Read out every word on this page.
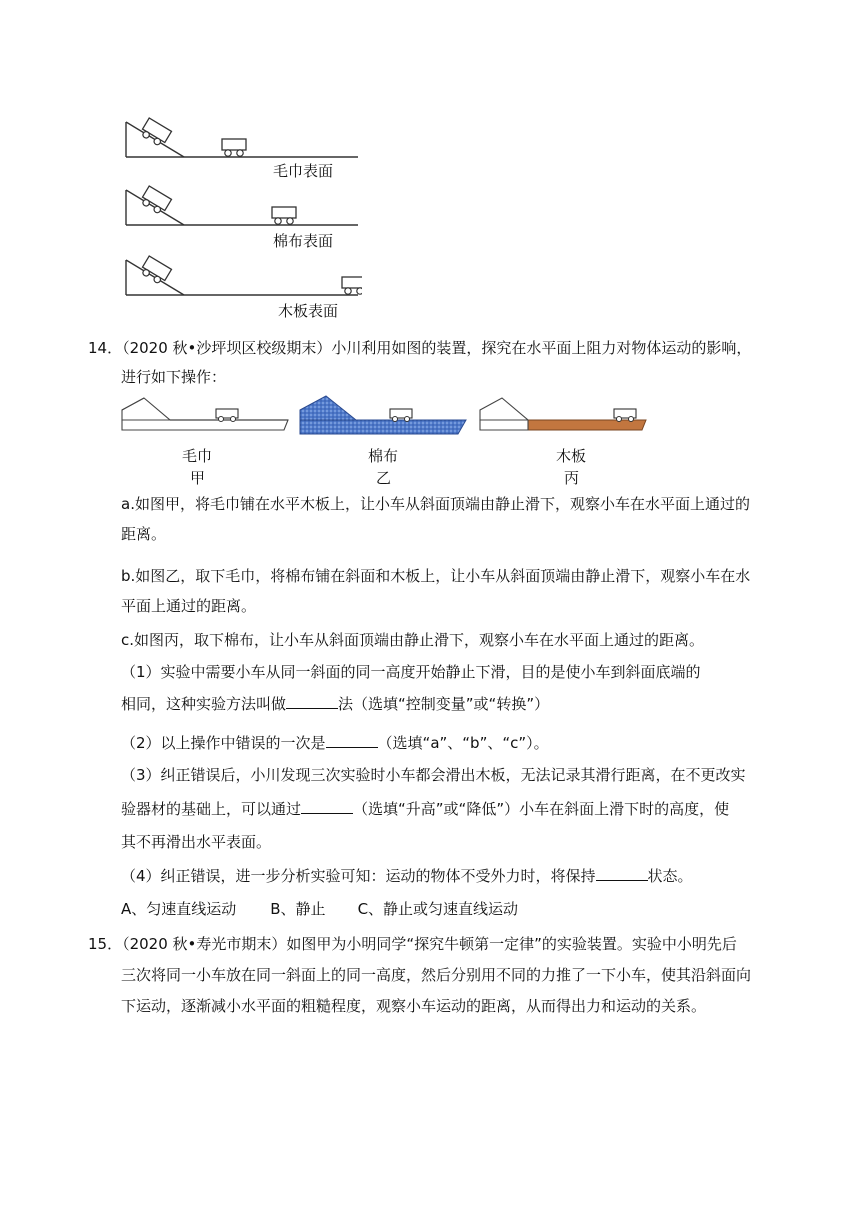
毛巾表面
棉布表面
木板表面
14．（2020 秋•沙坪坝区校级期末）小川利用如图的装置，探究在水平面上阻力对物体运动的影响，
进行如下操作：
毛巾
甲
棉布
乙
木板
丙
a.如图甲，将毛巾铺在水平木板上，让小车从斜面顶端由静止滑下，观察小车在水平面上通过的
距离。
b.如图乙，取下毛巾，将棉布铺在斜面和木板上，让小车从斜面顶端由静止滑下，观察小车在水
平面上通过的距离。
c.如图丙，取下棉布，让小车从斜面顶端由静止滑下，观察小车在水平面上通过的距离。
（1）实验中需要小车从同一斜面的同一高度开始静止下滑，目的是使小车到斜面底端的
相同，这种实验方法叫做	法（选填“控制变量”或“转换”）
（2）以上操作中错误的一次是	（选填“a”、“b”、“c”）。
（3）纠正错误后，小川发现三次实验时小车都会滑出木板，无法记录其滑行距离，在不更改实
验器材的基础上，可以通过	（选填“升高”或“降低”）小车在斜面上滑下时的高度，使
其不再滑出水平表面。
（4）纠正错误，进一步分析实验可知：运动的物体不受外力时，将保持	状态。
A、匀速直线运动 B、静止 C、静止或匀速直线运动
15．（2020 秋•寿光市期末）如图甲为小明同学“探究牛顿第一定律”的实验装置。实验中小明先后
三次将同一小车放在同一斜面上的同一高度，然后分别用不同的力推了一下小车，使其沿斜面向
下运动，逐渐减小水平面的粗糙程度，观察小车运动的距离，从而得出力和运动的关系。
